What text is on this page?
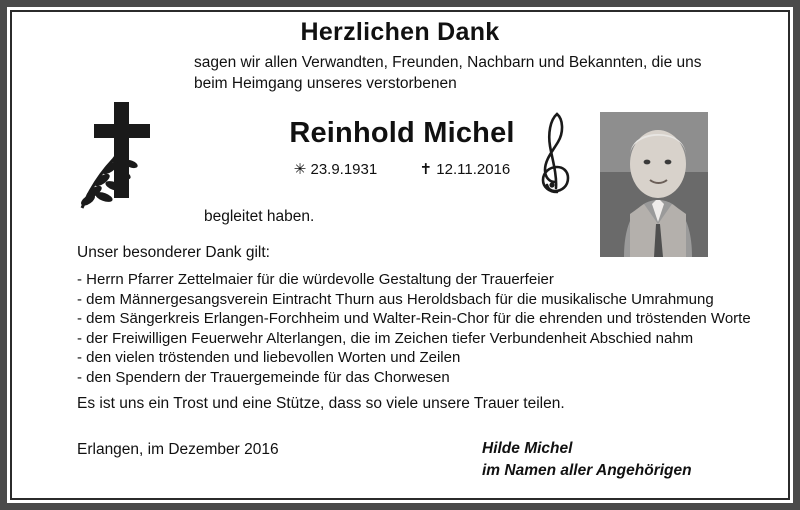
Herzlichen Dank
sagen wir allen Verwandten, Freunden, Nachbarn und Bekannten, die uns beim Heimgang unseres verstorbenen
Reinhold Michel
✳ 23.9.1931	✝ 12.11.2016
begleitet haben.
Unser besonderer Dank gilt:
- Herrn Pfarrer Zettelmaier für die würdevolle Gestaltung der Trauerfeier
- dem Männergesangsverein Eintracht Thurn aus Heroldsbach für die musikalische Umrahmung
- dem Sängerkreis Erlangen-Forchheim und Walter-Rein-Chor für die ehrenden und tröstenden Worte
- der Freiwilligen Feuerwehr Alterlangen, die im Zeichen tiefer Verbundenheit Abschied nahm
- den vielen tröstenden und liebevollen Worten und Zeilen
- den Spendern der Trauergemeinde für das Chorwesen
Es ist uns ein Trost und eine Stütze, dass so viele unsere Trauer teilen.
Erlangen, im Dezember 2016	Hilde Michel
im Namen aller Angehörigen
